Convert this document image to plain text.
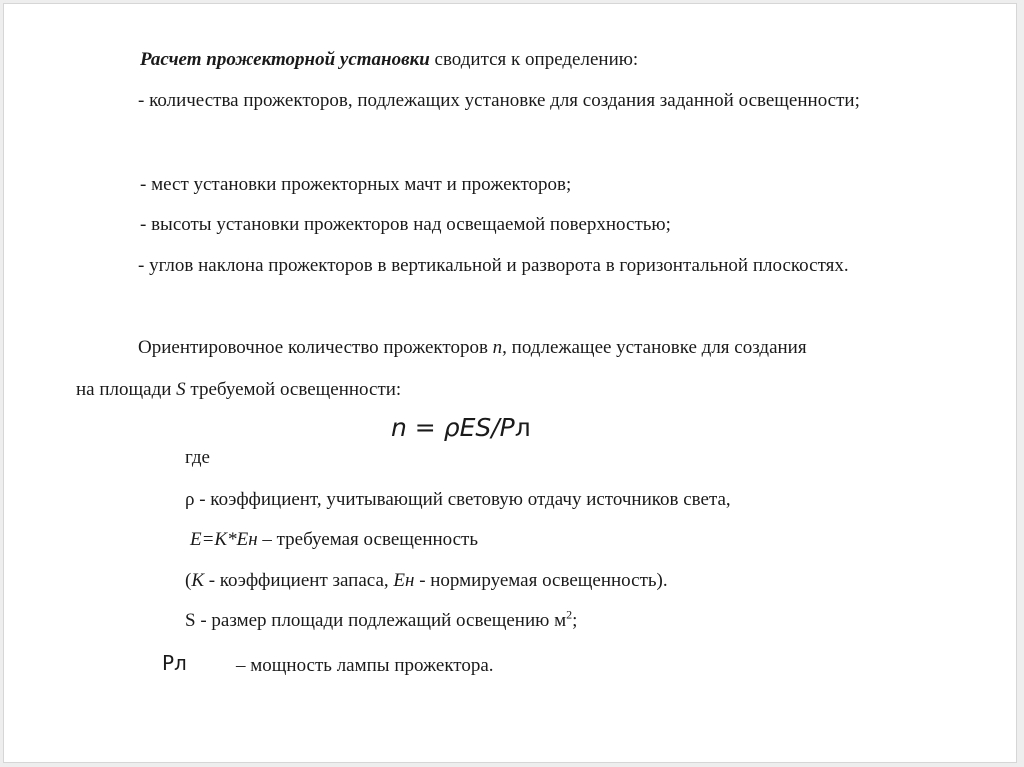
Расчет прожекторной установки сводится к определению:
- количества прожекторов, подлежащих установке для создания заданной освещенности;
- мест установки прожекторных мачт и прожекторов;
- высоты установки прожекторов над освещаемой поверхностью;
- углов наклона прожекторов в вертикальной и разворота в горизонтальной плоскостях.
Ориентировочное количество прожекторов n, подлежащее установке для создания
на площади S требуемой освещенности:
n = ρES/Pл
где
ρ - коэффициент, учитывающий световую отдачу источников света,
E=K*Ен – требуемая освещенность
(К - коэффициент запаса, Ен - нормируемая освещенность).
S - размер площади подлежащий освещению $м^2$;
Рл	– мощность лампы прожектора.
